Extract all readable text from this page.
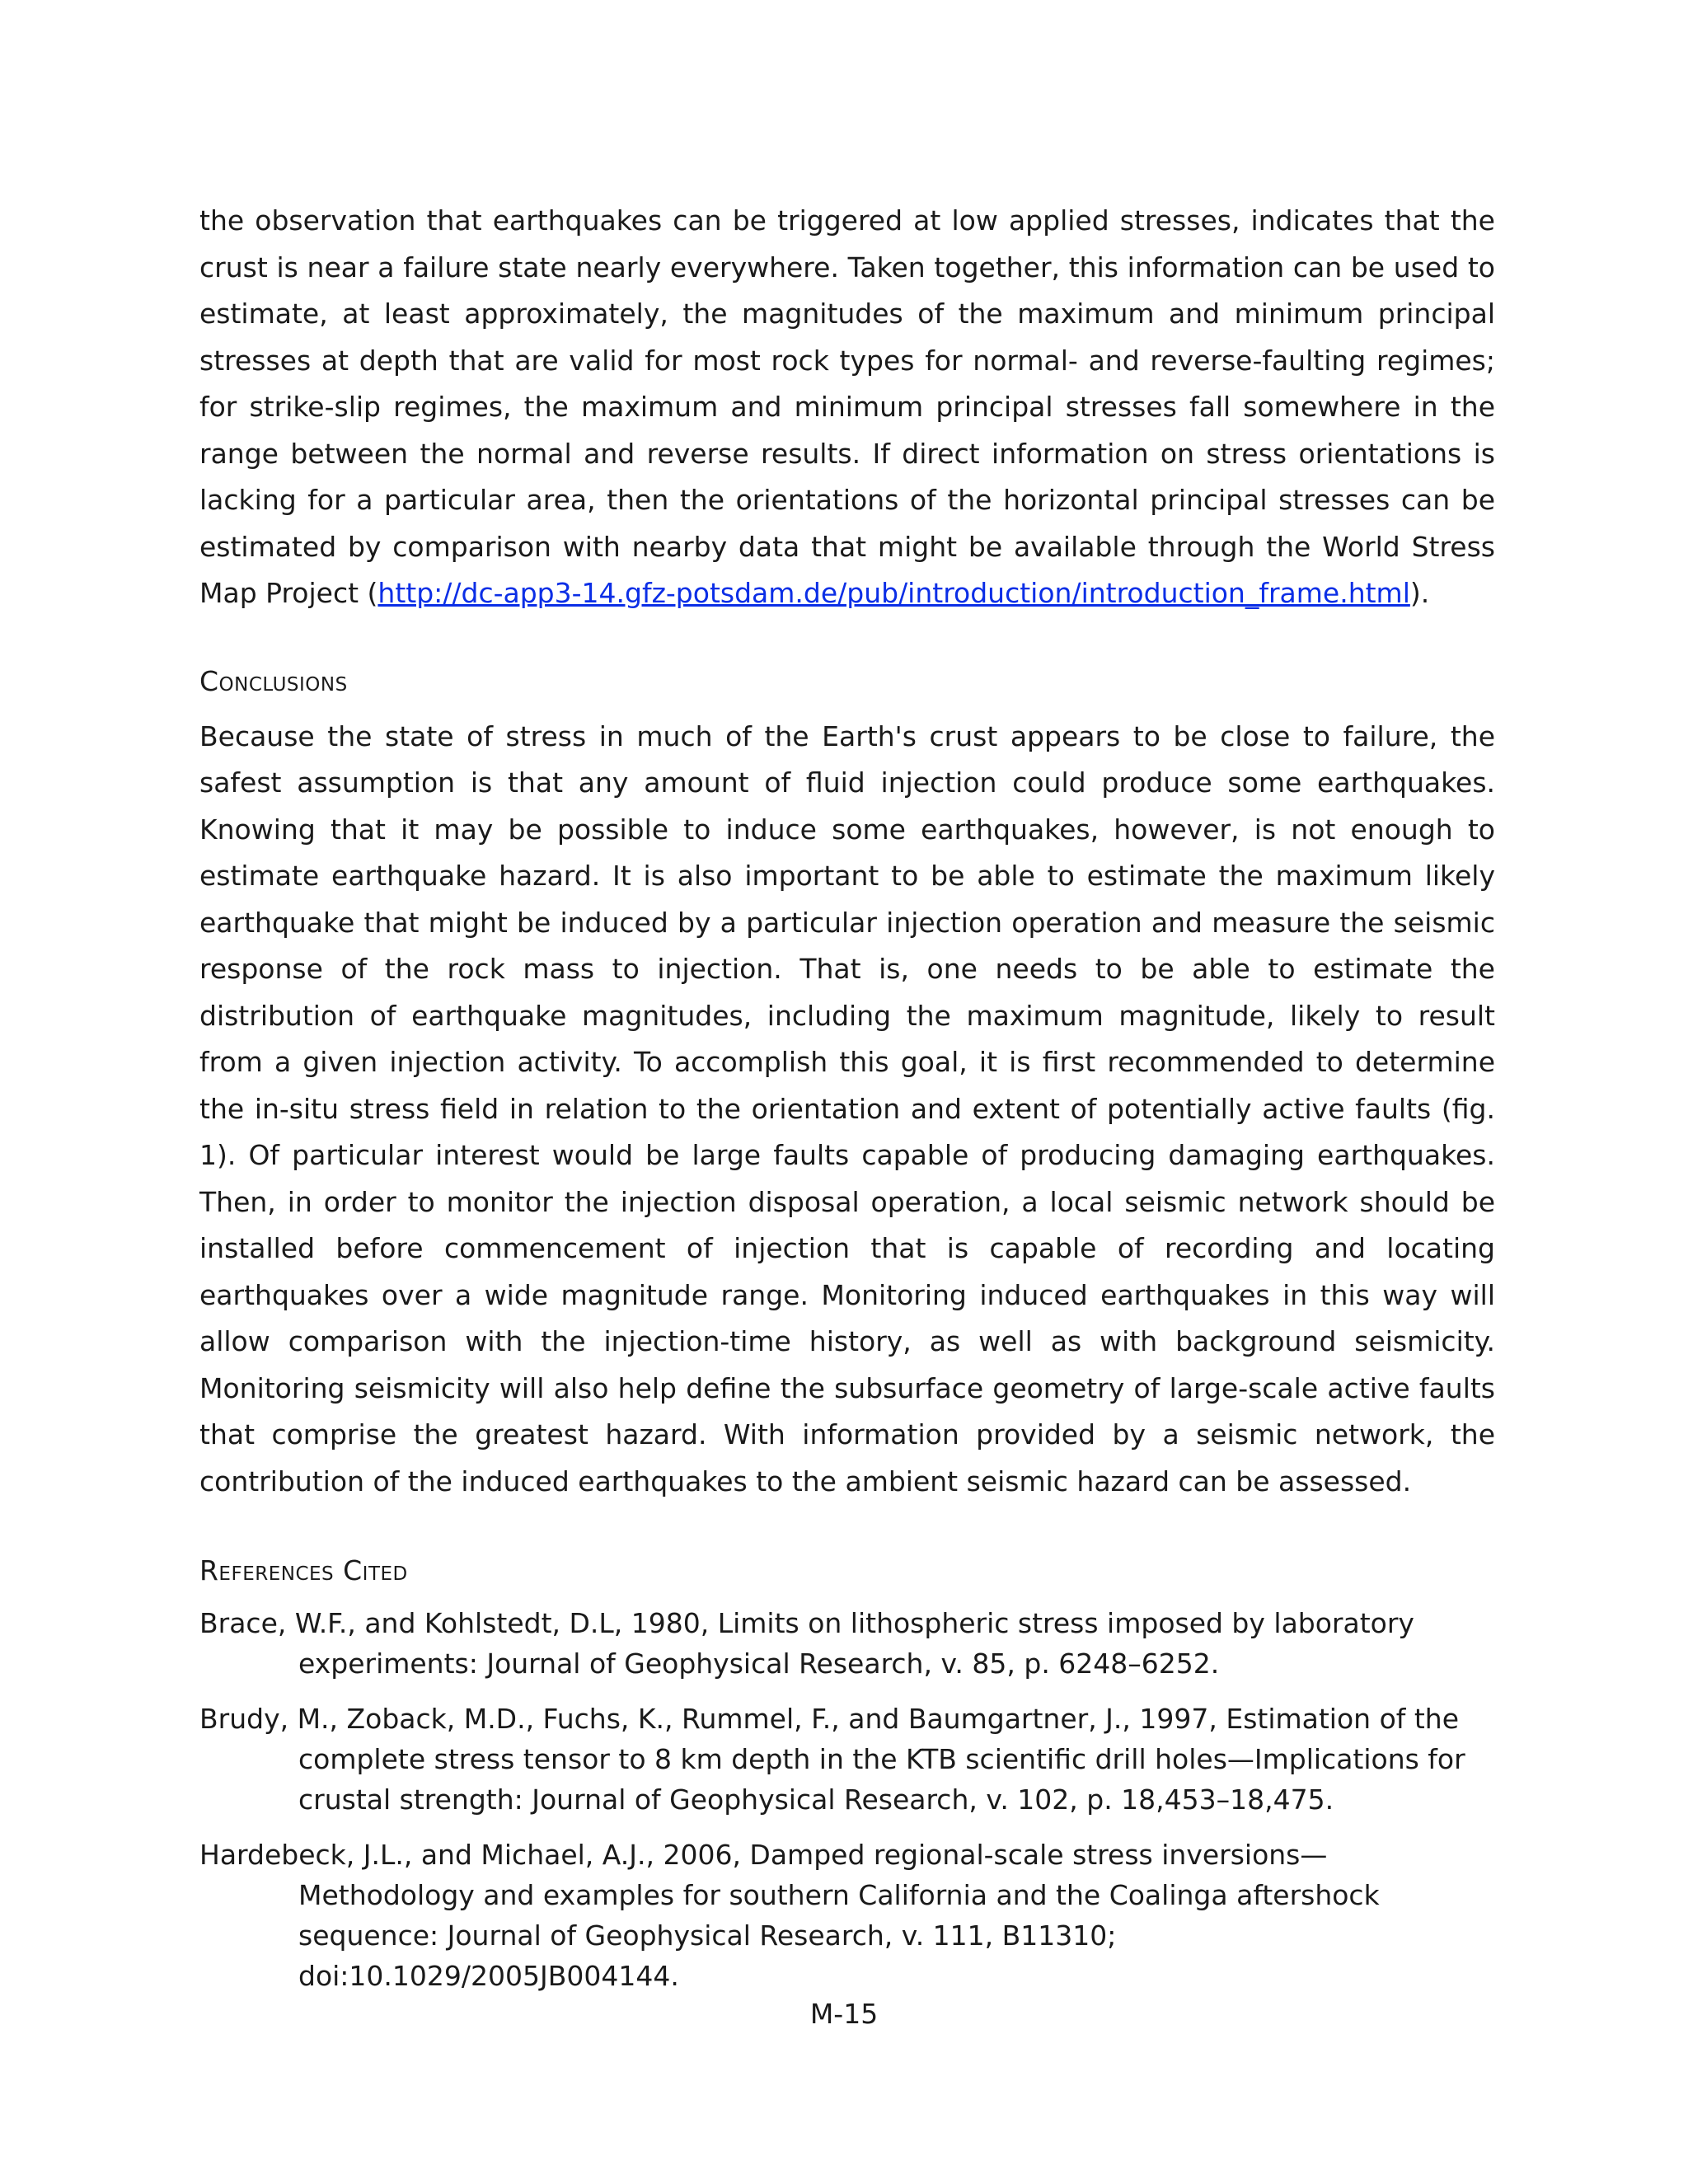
the observation that earthquakes can be triggered at low applied stresses, indicates that the crust is near a failure state nearly everywhere. Taken together, this information can be used to estimate, at least approximately, the magnitudes of the maximum and minimum principal stresses at depth that are valid for most rock types for normal- and reverse-faulting regimes; for strike-slip regimes, the maximum and minimum principal stresses fall somewhere in the range between the normal and reverse results. If direct information on stress orientations is lacking for a particular area, then the orientations of the horizontal principal stresses can be estimated by comparison with nearby data that might be available through the World Stress Map Project (http://dc-app3-14.gfz-potsdam.de/pub/introduction/introduction_frame.html).

Conclusions

Because the state of stress in much of the Earth's crust appears to be close to failure, the safest assumption is that any amount of fluid injection could produce some earthquakes. Knowing that it may be possible to induce some earthquakes, however, is not enough to estimate earthquake hazard. It is also important to be able to estimate the maximum likely earthquake that might be induced by a particular injection operation and measure the seismic response of the rock mass to injection. That is, one needs to be able to estimate the distribution of earthquake magnitudes, including the maximum magnitude, likely to result from a given injection activity. To accomplish this goal, it is first recommended to determine the in-situ stress field in relation to the orientation and extent of potentially active faults (fig. 1). Of particular interest would be large faults capable of producing damaging earthquakes. Then, in order to monitor the injection disposal operation, a local seismic network should be installed before commencement of injection that is capable of recording and locating earthquakes over a wide magnitude range. Monitoring induced earthquakes in this way will allow comparison with the injection-time history, as well as with background seismicity. Monitoring seismicity will also help define the subsurface geometry of large-scale active faults that comprise the greatest hazard. With information provided by a seismic network, the contribution of the induced earthquakes to the ambient seismic hazard can be assessed.

References Cited

Brace, W.F., and Kohlstedt, D.L, 1980, Limits on lithospheric stress imposed by laboratory experiments: Journal of Geophysical Research, v. 85, p. 6248–6252.

Brudy, M., Zoback, M.D., Fuchs, K., Rummel, F., and Baumgartner, J., 1997, Estimation of the complete stress tensor to 8 km depth in the KTB scientific drill holes—Implications for crustal strength: Journal of Geophysical Research, v. 102, p. 18,453–18,475.

Hardebeck, J.L., and Michael, A.J., 2006, Damped regional-scale stress inversions—Methodology and examples for southern California and the Coalinga aftershock sequence: Journal of Geophysical Research, v. 111, B11310; doi:10.1029/2005JB004144.

M-15
